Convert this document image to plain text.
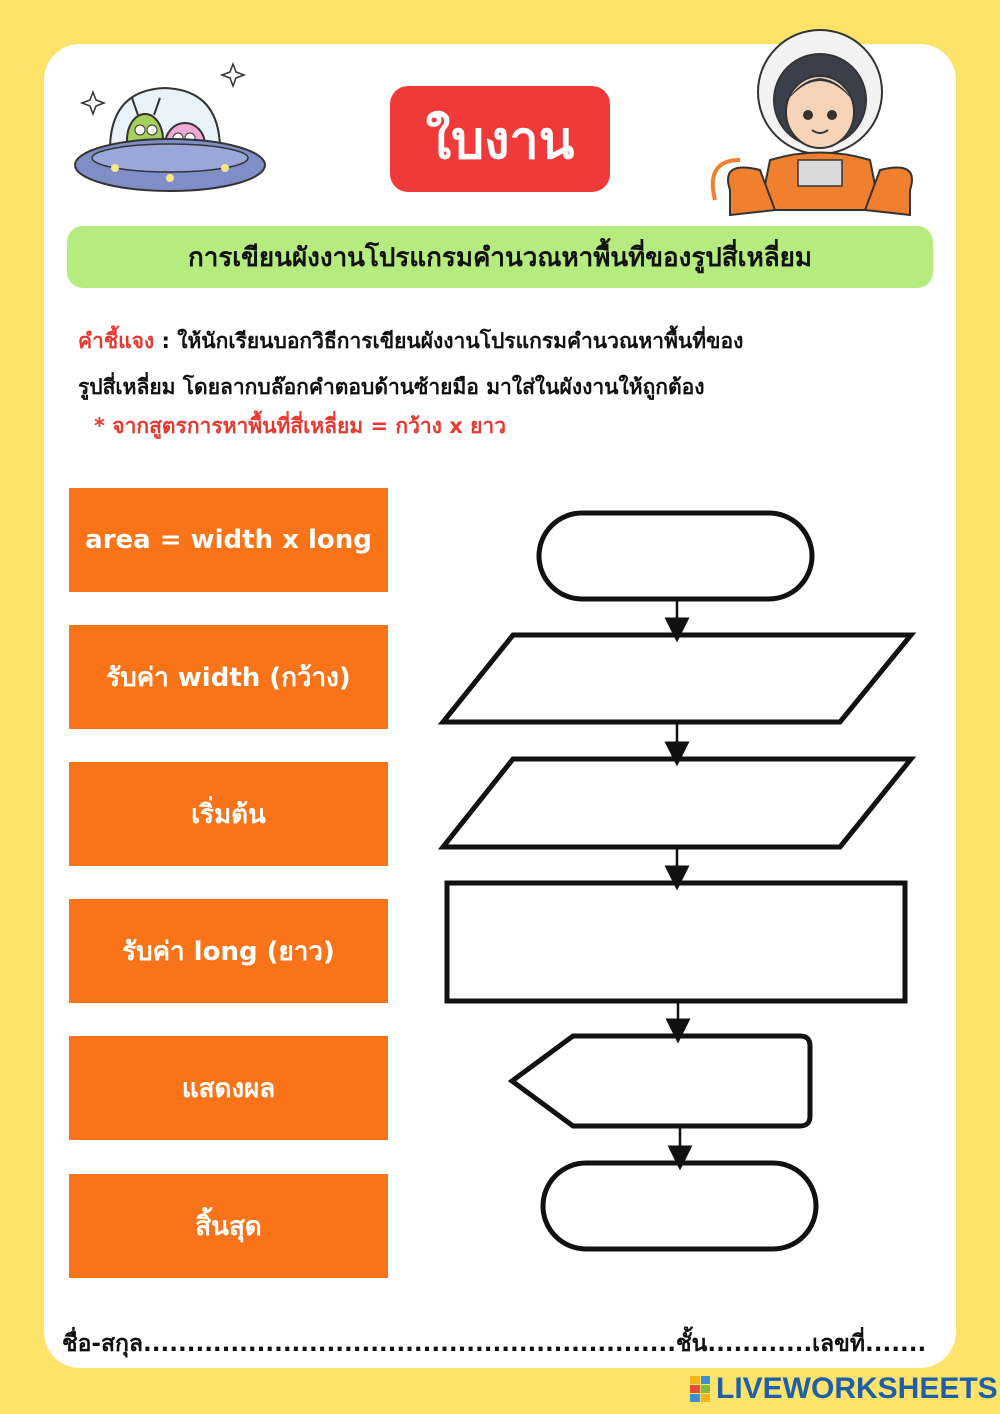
ใบงาน
การเขียนผังงานโปรแกรมคำนวณหาพื้นที่ของรูปสี่เหลี่ยม
คำชี้แจง : ให้นักเรียนบอกวิธีการเขียนผังงานโปรแกรมคำนวณหาพื้นที่ของ
รูปสี่เหลี่ยม โดยลากบล๊อกคำตอบด้านซ้ายมือ มาใส่ในผังงานให้ถูกต้อง
* จากสูตรการหาพื้นที่สี่เหลี่ยม = กว้าง x ยาว
area = width x long
รับค่า width (กว้าง)
เริ่มต้น
รับค่า long (ยาว)
แสดงผล
สิ้นสุด
ชื่อ-สกุล.............................................................ชั้น............เลขที่.......
LIVEWORKSHEETS
